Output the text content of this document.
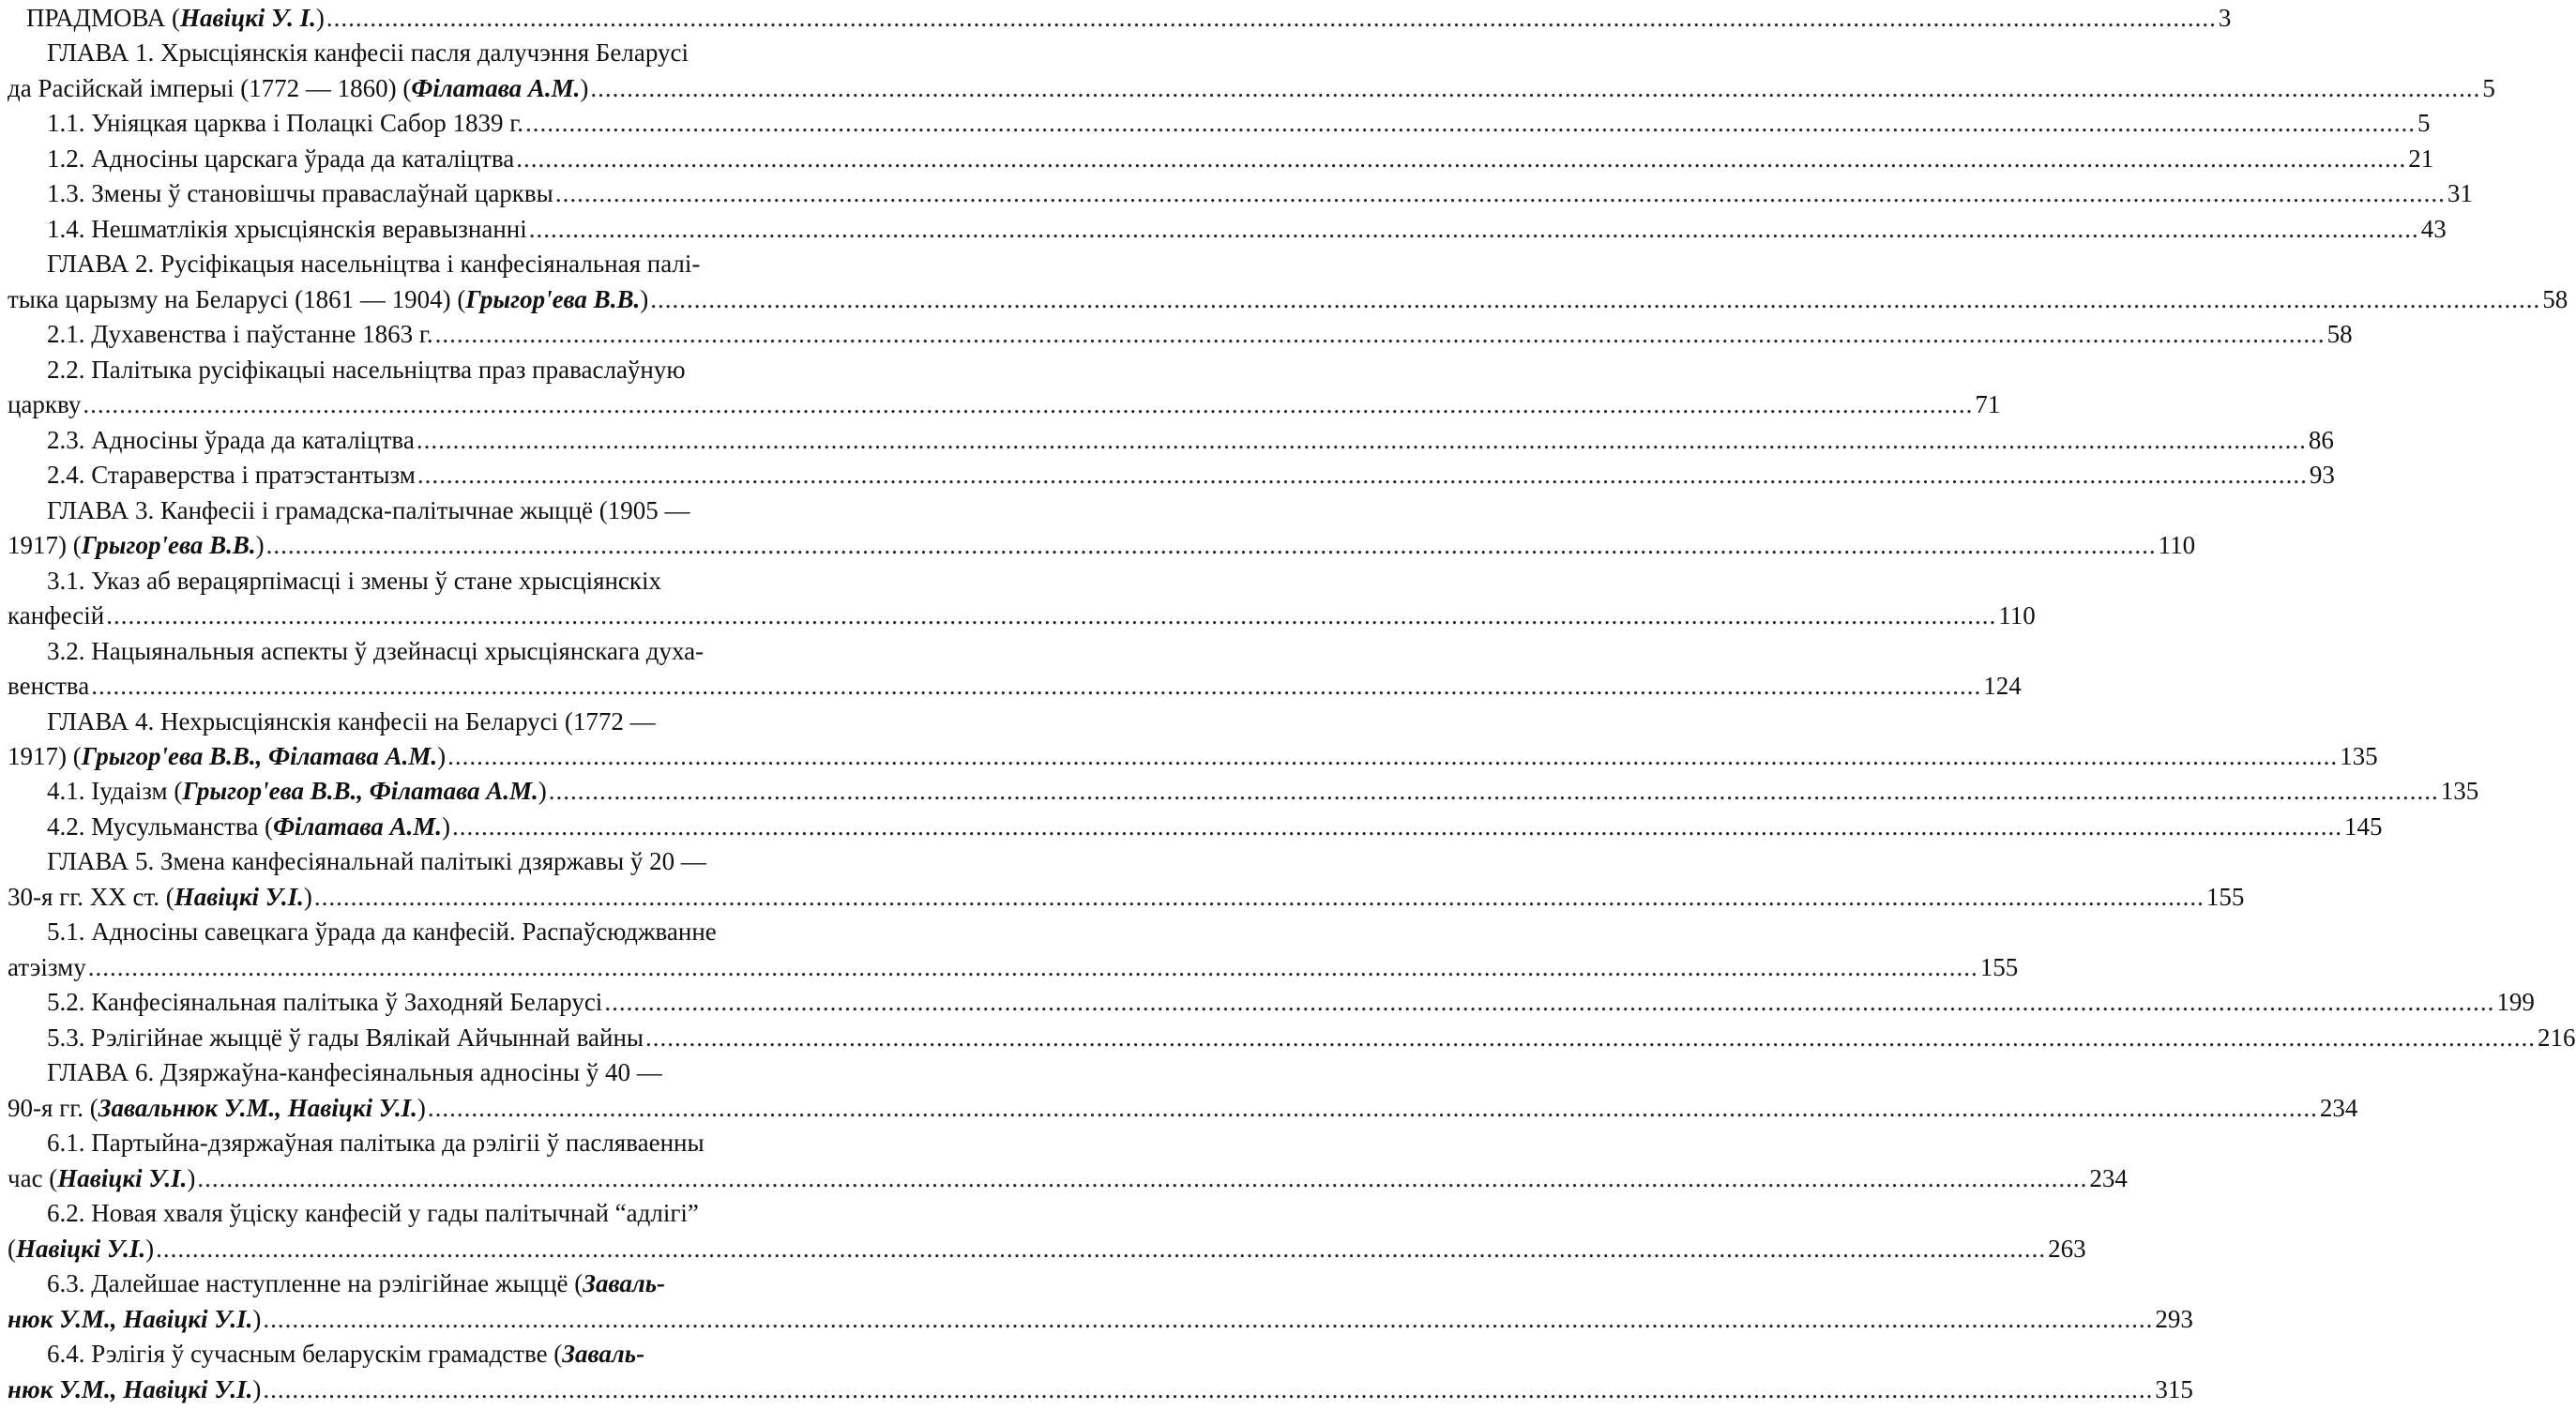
ПРАДМОВА (Навіцкі У. І.) .................................................................................................................................................................................................................................................................... 3
ГЛАВА 1. Хрысціянскія канфесіі пасля далучэння Беларусі
да Расійскай імперыі (1772 — 1860) (Філатава А.М.) .................................................................................................................................................................................................................................................................... 5
1.1. Уніяцкая царква і Полацкі Сабор 1839 г. .................................................................................................................................................................................................................................................................... 5
1.2. Адносіны царскага ўрада да каталіцтва .................................................................................................................................................................................................................................................................... 21
1.3. Змены ў становішчы праваслаўнай царквы .................................................................................................................................................................................................................................................................... 31
1.4. Нешматлікія хрысціянскія веравызнанні .................................................................................................................................................................................................................................................................... 43
ГЛАВА 2. Русіфікацыя насельніцтва і канфесіянальная палі-
тыка царызму на Беларусі (1861 — 1904) (Грыгор'ева В.В.) .................................................................................................................................................................................................................................................................... 58
2.1. Духавенства і паўстанне 1863 г. .................................................................................................................................................................................................................................................................... 58
2.2. Палітыка русіфікацыі насельніцтва праз праваслаўную
царкву .................................................................................................................................................................................................................................................................... 71
2.3. Адносіны ўрада да каталіцтва .................................................................................................................................................................................................................................................................... 86
2.4. Стараверства і пратэстантызм .................................................................................................................................................................................................................................................................... 93
ГЛАВА 3. Канфесіі і грамадска-палітычнае жыццё (1905 —
1917) (Грыгор'ева В.В.) .................................................................................................................................................................................................................................................................... 110
3.1. Указ аб верацярпімасці і змены ў стане хрысціянскіх
канфесій .................................................................................................................................................................................................................................................................... 110
3.2. Нацыянальныя аспекты ў дзейнасці хрысціянскага духа-
венства .................................................................................................................................................................................................................................................................... 124
ГЛАВА 4. Нехрысціянскія канфесіі на Беларусі (1772 —
1917) (Грыгор'ева В.В., Філатава А.М.) .................................................................................................................................................................................................................................................................... 135
4.1. Іудаізм (Грыгор'ева В.В., Філатава А.М.) .................................................................................................................................................................................................................................................................... 135
4.2. Мусульманства (Філатава А.М.) .................................................................................................................................................................................................................................................................... 145
ГЛАВА 5. Змена канфесіянальнай палітыкі дзяржавы ў 20 —
30-я гг. XX ст. (Навіцкі У.І.) .................................................................................................................................................................................................................................................................... 155
5.1. Адносіны савецкага ўрада да канфесій. Распаўсюджванне
атэізму .................................................................................................................................................................................................................................................................... 155
5.2. Канфесіянальная палітыка ў Заходняй Беларусі .................................................................................................................................................................................................................................................................... 199
5.3. Рэлігійнае жыццё ў гады Вялікай Айчыннай вайны .................................................................................................................................................................................................................................................................... 216
ГЛАВА 6. Дзяржаўна-канфесіянальныя адносіны ў 40 —
90-я гг. (Завальнюк У.М., Навіцкі У.І.) .................................................................................................................................................................................................................................................................... 234
6.1. Партыйна-дзяржаўная палітыка да рэлігіі ў пасляваенны
час (Навіцкі У.І.) .................................................................................................................................................................................................................................................................... 234
6.2. Новая хваля ўціску канфесій у гады палітычнай “адлігі”
(Навіцкі У.І.) .................................................................................................................................................................................................................................................................... 263
6.3. Далейшае наступленне на рэлігійнае жыццё (Заваль-
нюк У.М., Навіцкі У.І.) .................................................................................................................................................................................................................................................................... 293
6.4. Рэлігія ў сучасным беларускім грамадстве (Заваль-
нюк У.М., Навіцкі У.І.) .................................................................................................................................................................................................................................................................... 315
